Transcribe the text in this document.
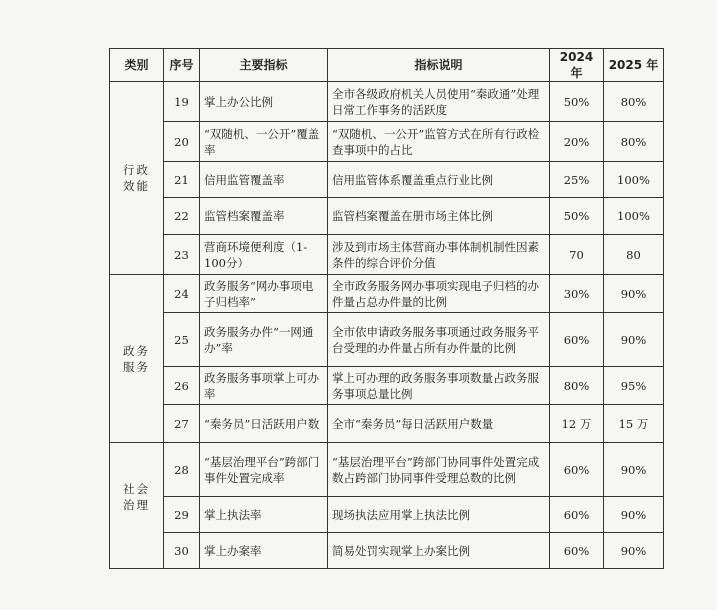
类别	序号	主要指标	指标说明	2024 年	2025 年

行政
效能	19	掌上办公比例	全市各级政府机关人员使用“秦政通”处理日常工作事务的活跃度	50%	80%
	20	“双随机、一公开”覆盖率	“双随机、一公开”监管方式在所有行政检查事项中的占比	20%	80%
	21	信用监管覆盖率	信用监管体系覆盖重点行业比例	25%	100%
	22	监管档案覆盖率	监管档案覆盖在册市场主体比例	50%	100%
	23	营商环境便利度（1-100分）	涉及到市场主体营商办事体制机制性因素条件的综合评价分值	70	80

政务
服务	24	政务服务“网办事项电子归档率”	全市政务服务网办事项实现电子归档的办件量占总办件量的比例	30%	90%
	25	政务服务办件“一网通办”率	全市依申请政务服务事项通过政务服务平台受理的办件量占所有办件量的比例	60%	90%
	26	政务服务事项掌上可办率	掌上可办理的政务服务事项数量占政务服务事项总量比例	80%	95%
	27	“秦务员”日活跃用户数	全市“秦务员”每日活跃用户数量	12 万	15 万

社会
治理	28	“基层治理平台”跨部门事件处置完成率	“基层治理平台”跨部门协同事件处置完成数占跨部门协同事件受理总数的比例	60%	90%
	29	掌上执法率	现场执法应用掌上执法比例	60%	90%
	30	掌上办案率	简易处罚实现掌上办案比例	60%	90%
